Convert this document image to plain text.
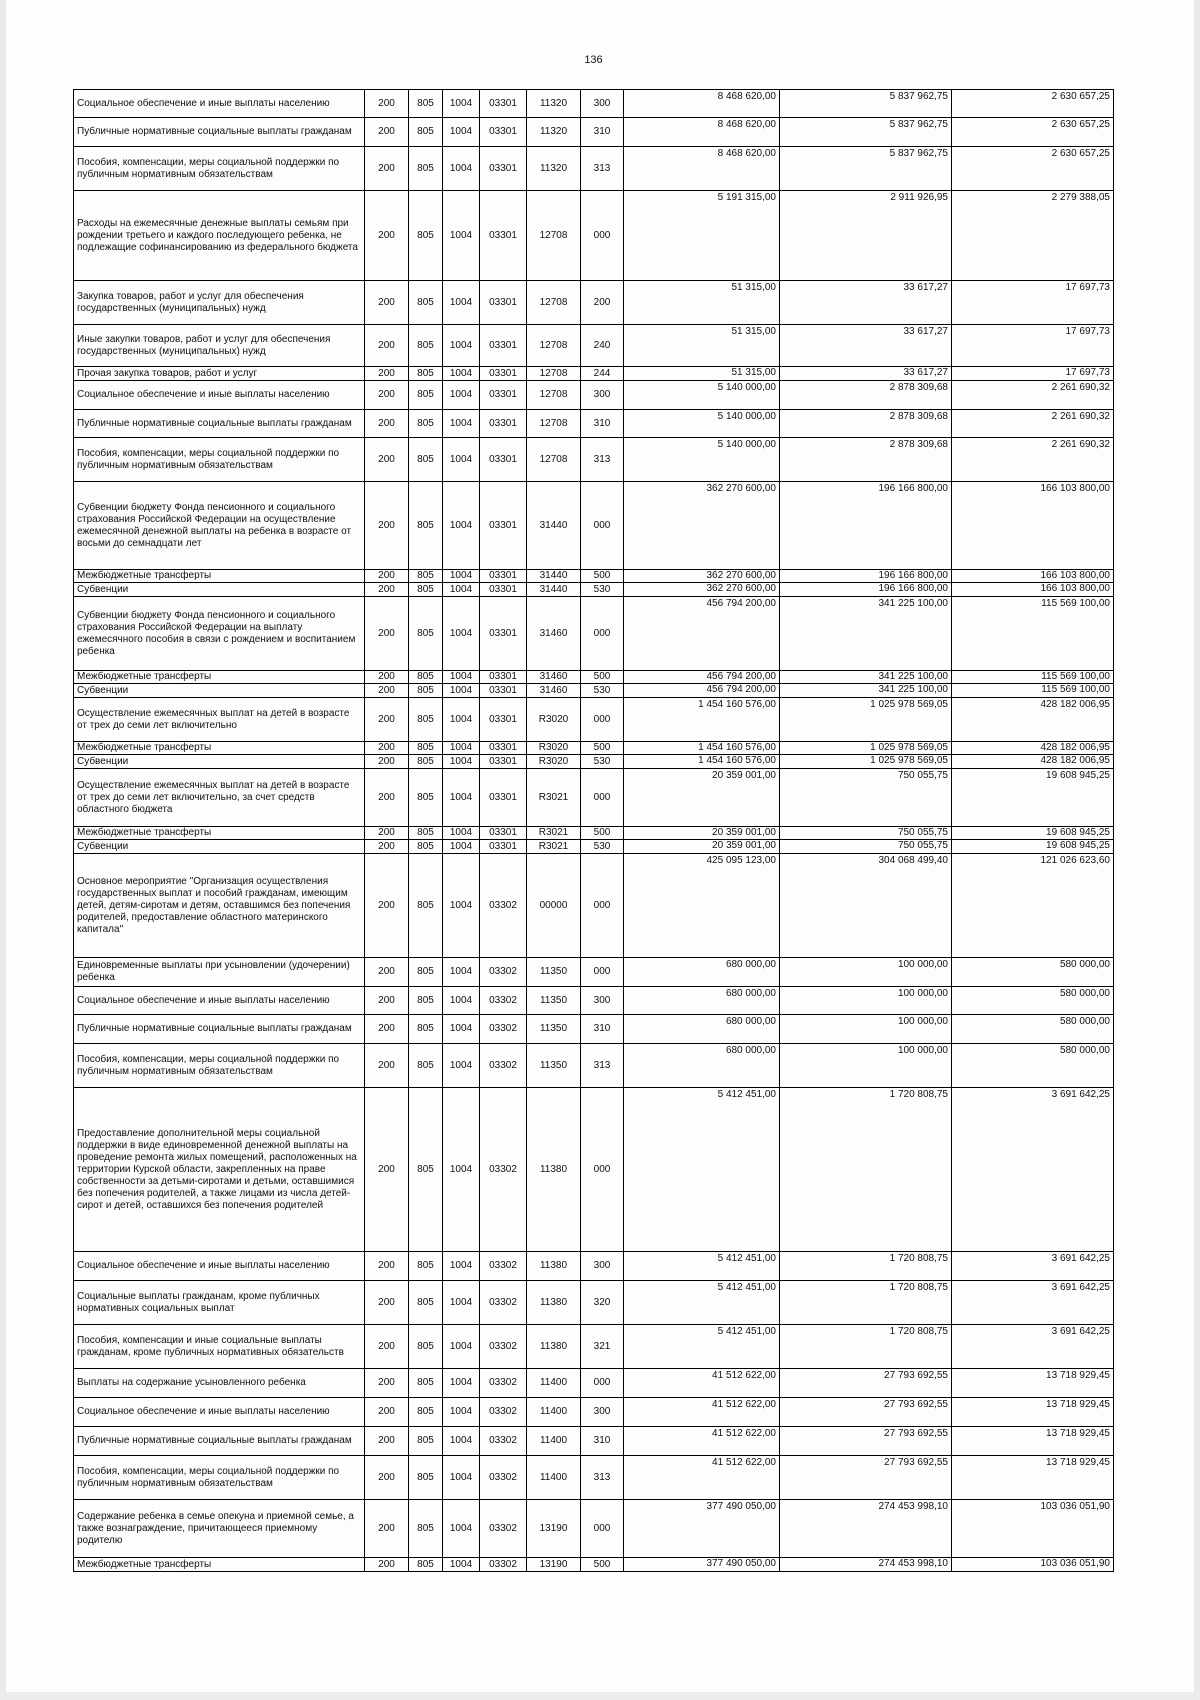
136
Социальное обеспечение и иные выплаты населению	200	805	1004	03301	11320	300	8 468 620,00	5 837 962,75	2 630 657,25
Публичные нормативные социальные выплаты гражданам	200	805	1004	03301	11320	310	8 468 620,00	5 837 962,75	2 630 657,25
Пособия, компенсации, меры социальной поддержки по публичным нормативным обязательствам	200	805	1004	03301	11320	313	8 468 620,00	5 837 962,75	2 630 657,25
Расходы на ежемесячные денежные выплаты семьям при рождении третьего и каждого последующего ребенка, не подлежащие софинансированию из федерального бюджета	200	805	1004	03301	12708	000	5 191 315,00	2 911 926,95	2 279 388,05
Закупка товаров, работ и услуг для обеспечения государственных (муниципальных) нужд	200	805	1004	03301	12708	200	51 315,00	33 617,27	17 697,73
Иные закупки товаров, работ и услуг для обеспечения государственных (муниципальных) нужд	200	805	1004	03301	12708	240	51 315,00	33 617,27	17 697,73
Прочая закупка товаров, работ и услуг	200	805	1004	03301	12708	244	51 315,00	33 617,27	17 697,73
Социальное обеспечение и иные выплаты населению	200	805	1004	03301	12708	300	5 140 000,00	2 878 309,68	2 261 690,32
Публичные нормативные социальные выплаты гражданам	200	805	1004	03301	12708	310	5 140 000,00	2 878 309,68	2 261 690,32
Пособия, компенсации, меры социальной поддержки по публичным нормативным обязательствам	200	805	1004	03301	12708	313	5 140 000,00	2 878 309,68	2 261 690,32
Субвенции бюджету Фонда пенсионного и социального страхования Российской Федерации на осуществление ежемесячной денежной выплаты на ребенка в возрасте от восьми до семнадцати лет	200	805	1004	03301	31440	000	362 270 600,00	196 166 800,00	166 103 800,00
Межбюджетные трансферты	200	805	1004	03301	31440	500	362 270 600,00	196 166 800,00	166 103 800,00
Субвенции	200	805	1004	03301	31440	530	362 270 600,00	196 166 800,00	166 103 800,00
Субвенции бюджету Фонда пенсионного и социального страхования Российской Федерации на выплату ежемесячного пособия в связи с рождением и воспитанием ребенка	200	805	1004	03301	31460	000	456 794 200,00	341 225 100,00	115 569 100,00
Межбюджетные трансферты	200	805	1004	03301	31460	500	456 794 200,00	341 225 100,00	115 569 100,00
Субвенции	200	805	1004	03301	31460	530	456 794 200,00	341 225 100,00	115 569 100,00
Осуществление ежемесячных выплат на детей в возрасте от трех до семи лет включительно	200	805	1004	03301	R3020	000	1 454 160 576,00	1 025 978 569,05	428 182 006,95
Межбюджетные трансферты	200	805	1004	03301	R3020	500	1 454 160 576,00	1 025 978 569,05	428 182 006,95
Субвенции	200	805	1004	03301	R3020	530	1 454 160 576,00	1 025 978 569,05	428 182 006,95
Осуществление ежемесячных выплат на детей в возрасте от трех до семи лет включительно, за счет средств областного бюджета	200	805	1004	03301	R3021	000	20 359 001,00	750 055,75	19 608 945,25
Межбюджетные трансферты	200	805	1004	03301	R3021	500	20 359 001,00	750 055,75	19 608 945,25
Субвенции	200	805	1004	03301	R3021	530	20 359 001,00	750 055,75	19 608 945,25
Основное мероприятие "Организация осуществления государственных выплат и пособий гражданам, имеющим детей, детям-сиротам и детям, оставшимся без попечения родителей, предоставление областного материнского капитала"	200	805	1004	03302	00000	000	425 095 123,00	304 068 499,40	121 026 623,60
Единовременные выплаты при усыновлении (удочерении) ребенка	200	805	1004	03302	11350	000	680 000,00	100 000,00	580 000,00
Социальное обеспечение и иные выплаты населению	200	805	1004	03302	11350	300	680 000,00	100 000,00	580 000,00
Публичные нормативные социальные выплаты гражданам	200	805	1004	03302	11350	310	680 000,00	100 000,00	580 000,00
Пособия, компенсации, меры социальной поддержки по публичным нормативным обязательствам	200	805	1004	03302	11350	313	680 000,00	100 000,00	580 000,00
Предоставление дополнительной меры социальной поддержки в виде единовременной денежной выплаты на проведение ремонта жилых помещений, расположенных на территории Курской области, закрепленных на праве собственности за детьми-сиротами и детьми, оставшимися без попечения родителей, а также лицами из числа детей-сирот и детей, оставшихся без попечения родителей	200	805	1004	03302	11380	000	5 412 451,00	1 720 808,75	3 691 642,25
Социальное обеспечение и иные выплаты населению	200	805	1004	03302	11380	300	5 412 451,00	1 720 808,75	3 691 642,25
Социальные выплаты гражданам, кроме публичных нормативных социальных выплат	200	805	1004	03302	11380	320	5 412 451,00	1 720 808,75	3 691 642,25
Пособия, компенсации и иные социальные выплаты гражданам, кроме публичных нормативных обязательств	200	805	1004	03302	11380	321	5 412 451,00	1 720 808,75	3 691 642,25
Выплаты на содержание усыновленного ребенка	200	805	1004	03302	11400	000	41 512 622,00	27 793 692,55	13 718 929,45
Социальное обеспечение и иные выплаты населению	200	805	1004	03302	11400	300	41 512 622,00	27 793 692,55	13 718 929,45
Публичные нормативные социальные выплаты гражданам	200	805	1004	03302	11400	310	41 512 622,00	27 793 692,55	13 718 929,45
Пособия, компенсации, меры социальной поддержки по публичным нормативным обязательствам	200	805	1004	03302	11400	313	41 512 622,00	27 793 692,55	13 718 929,45
Содержание ребенка в семье опекуна и приемной семье, а также вознаграждение, причитающееся приемному родителю	200	805	1004	03302	13190	000	377 490 050,00	274 453 998,10	103 036 051,90
Межбюджетные трансферты	200	805	1004	03302	13190	500	377 490 050,00	274 453 998,10	103 036 051,90
